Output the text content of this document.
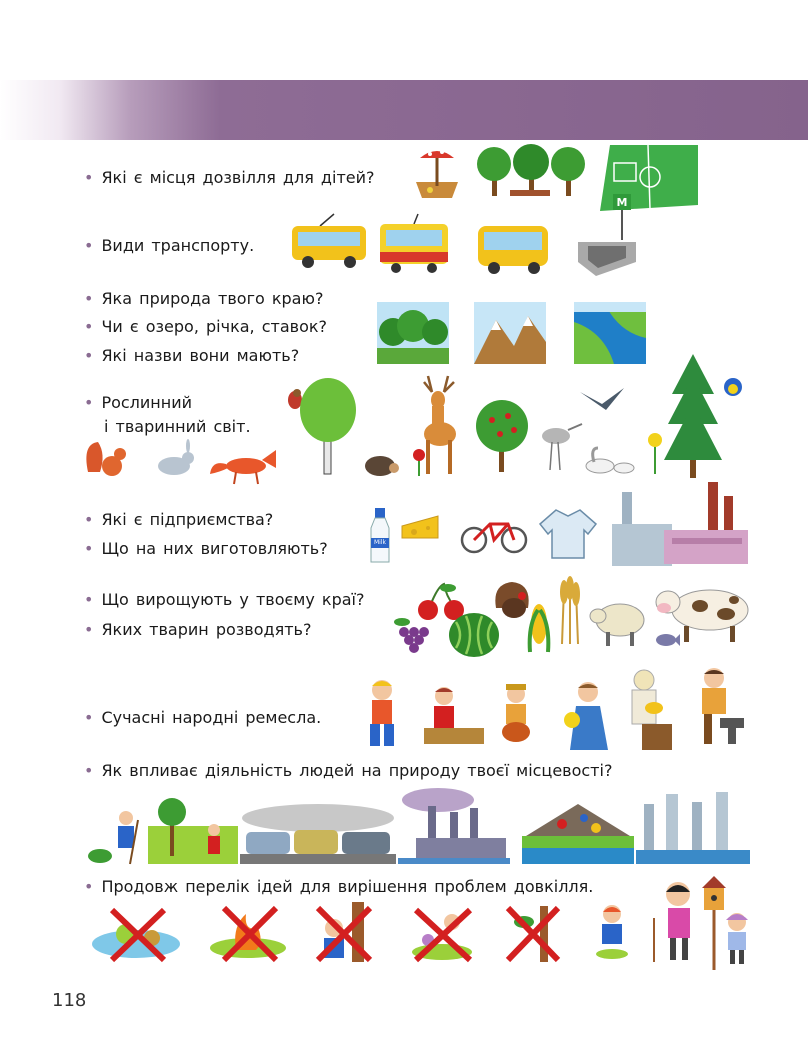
• Які є місця дозвілля для дітей?
• Види транспорту.
• Яка природа твого краю?
• Чи є озеро, річка, ставок?
• Які назви вони мають?
• Рослинний
і тваринний світ.
• Які є підприємства?
• Що на них виготовляють?
• Що вирощують у твоєму краї?
• Яких тварин розводять?
• Сучасні народні ремесла.
• Як впливає діяльність людей на природу твоєї місцевості?
• Продовж перелік ідей для вирішення проблем довкілля.
118
М
Milk
